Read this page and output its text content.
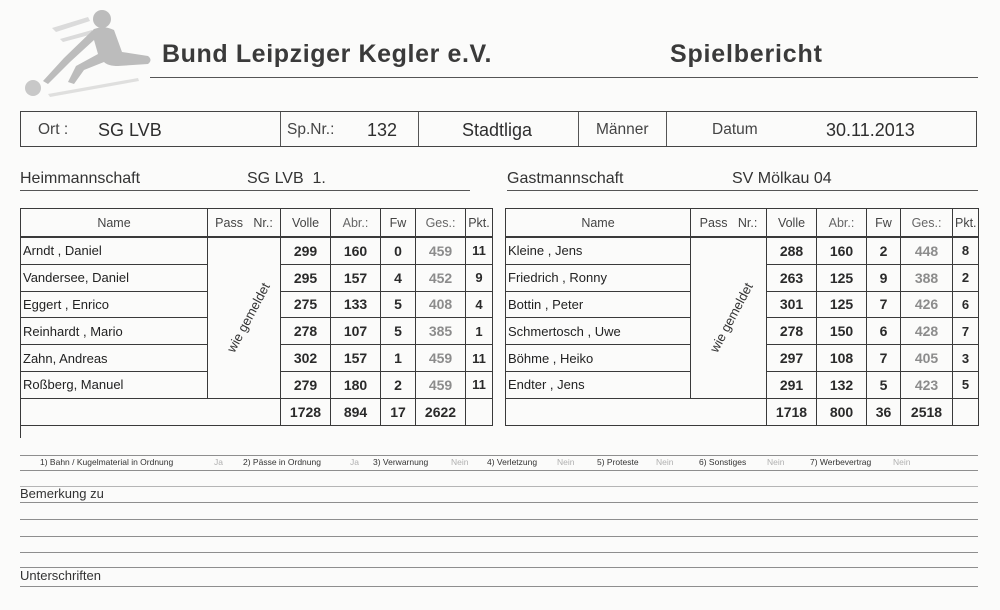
Bund Leipziger Kegler e.V.	Spielbericht
Ort : SG LVB	Sp.Nr.: 132	Stadtliga	Männer	Datum	30.11.2013
Heimmannschaft	SG LVB  1.	Gastmannschaft	SV Mölkau 04
Name	Pass   Nr.:	Volle	Abr.:	Fw	Ges.:	Pkt.
Arndt , Daniel	wie gemeldet	299	160	0	459	11
Vandersee, Daniel		295	157	4	452	9
Eggert , Enrico		275	133	5	408	4
Reinhardt , Mario		278	107	5	385	1
Zahn, Andreas		302	157	1	459	11
Roßberg, Manuel		279	180	2	459	11
		1728	894	17	2622	
Name	Pass   Nr.:	Volle	Abr.:	Fw	Ges.:	Pkt.
Kleine , Jens	wie gemeldet	288	160	2	448	8
Friedrich , Ronny		263	125	9	388	2
Bottin , Peter		301	125	7	426	6
Schmertosch , Uwe		278	150	6	428	7
Böhme , Heiko		297	108	7	405	3
Endter , Jens		291	132	5	423	5
		1718	800	36	2518	
1) Bahn / Kugelmaterial in Ordnung	Ja 2) Pässe in Ordnung	Ja 3) Verwarnung	Nein 4) Verletzung Nein	5) Proteste Nein	6) Sonstiges Nein	7) Werbevertrag	Nein
Bemerkung zu
Unterschriften
